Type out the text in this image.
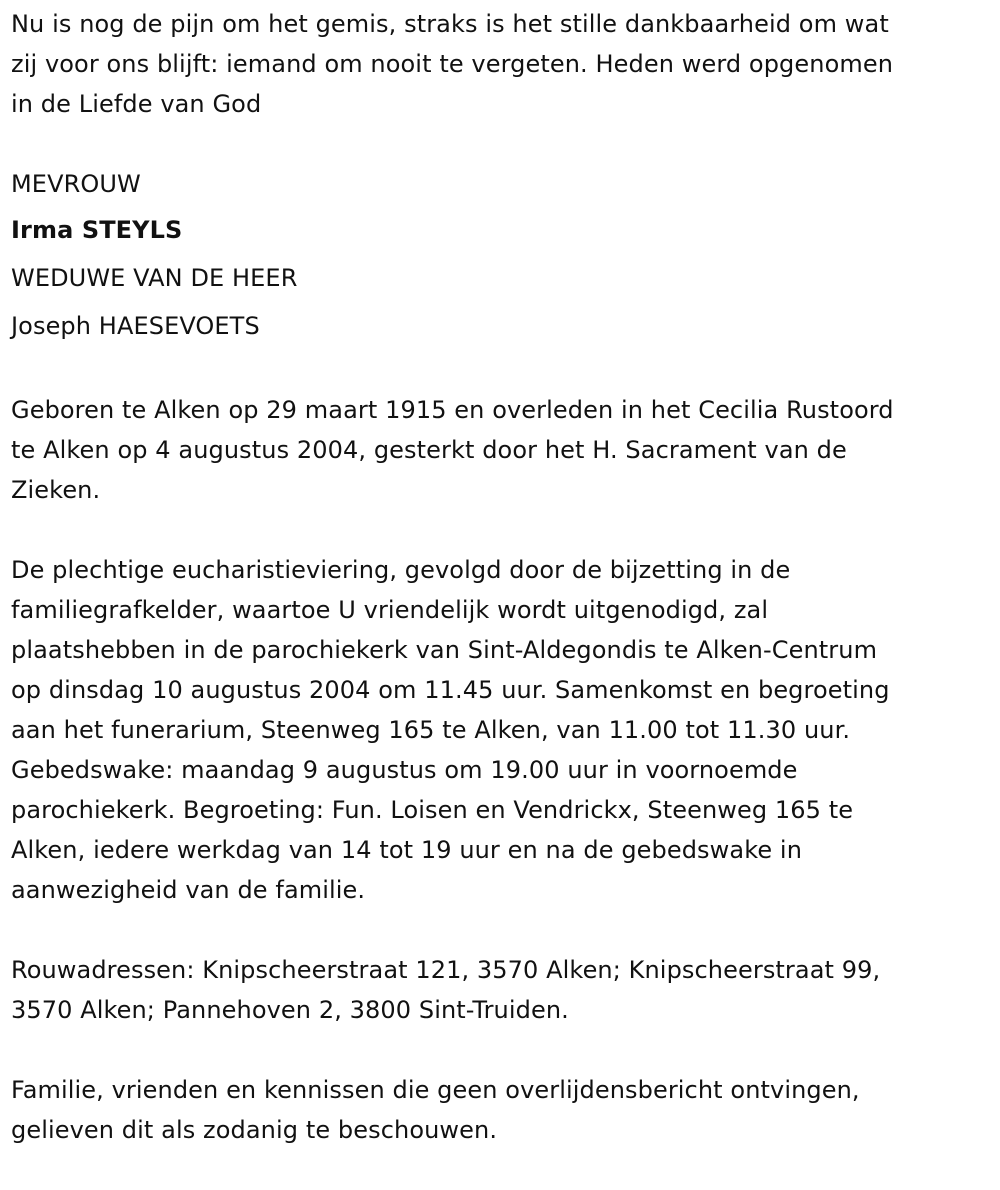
Nu is nog de pijn om het gemis, straks is het stille dankbaarheid om wat
zij voor ons blijft: iemand om nooit te vergeten. Heden werd opgenomen
in de Liefde van God
MEVROUW
Irma STEYLS
WEDUWE VAN DE HEER
Joseph HAESEVOETS
Geboren te Alken op 29 maart 1915 en overleden in het Cecilia Rustoord
te Alken op 4 augustus 2004, gesterkt door het H. Sacrament van de
Zieken.
De plechtige eucharistieviering, gevolgd door de bijzetting in de
familiegrafkelder, waartoe U vriendelijk wordt uitgenodigd, zal
plaatshebben in de parochiekerk van Sint-Aldegondis te Alken-Centrum
op dinsdag 10 augustus 2004 om 11.45 uur. Samenkomst en begroeting
aan het funerarium, Steenweg 165 te Alken, van 11.00 tot 11.30 uur.
Gebedswake: maandag 9 augustus om 19.00 uur in voornoemde
parochiekerk. Begroeting: Fun. Loisen en Vendrickx, Steenweg 165 te
Alken, iedere werkdag van 14 tot 19 uur en na de gebedswake in
aanwezigheid van de familie.
Rouwadressen: Knipscheerstraat 121, 3570 Alken; Knipscheerstraat 99,
3570 Alken; Pannehoven 2, 3800 Sint-Truiden.
Familie, vrienden en kennissen die geen overlijdensbericht ontvingen,
gelieven dit als zodanig te beschouwen.
